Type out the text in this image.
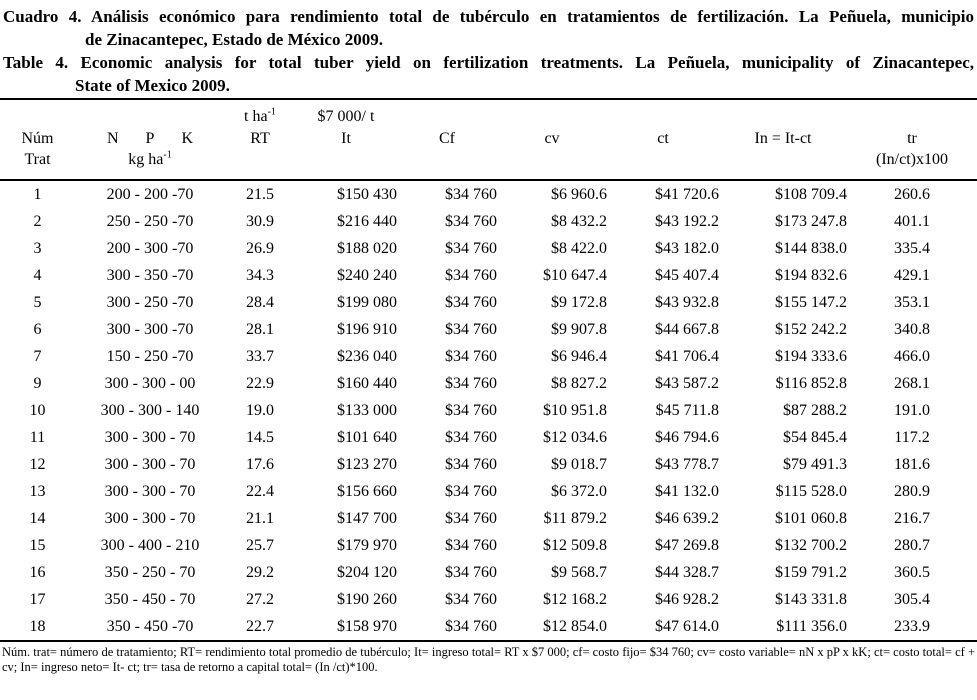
Cuadro 4. Análisis económico para rendimiento total de tubérculo en tratamientos de fertilización. La Peñuela, municipio
de Zinacantepec, Estado de México 2009.
Table 4. Economic analysis for total tuber yield on fertilization treatments. La Peñuela, municipality of Zinacantepec,
State of Mexico 2009.
		t $ha^{-1}$	$7 000/ t					
Núm	N P K	RT	It	Cf	cv	ct	In = It-ct	tr
Trat	kg $ha^{-1}$							(In/ct)x100
1	200 - 200 -70	21.5	$150 430	$34 760	$6 960.6	$41 720.6	$108 709.4	260.6
2	250 - 250 -70	30.9	$216 440	$34 760	$8 432.2	$43 192.2	$173 247.8	401.1
3	200 - 300 -70	26.9	$188 020	$34 760	$8 422.0	$43 182.0	$144 838.0	335.4
4	300 - 350 -70	34.3	$240 240	$34 760	$10 647.4	$45 407.4	$194 832.6	429.1
5	300 - 250 -70	28.4	$199 080	$34 760	$9 172.8	$43 932.8	$155 147.2	353.1
6	300 - 300 -70	28.1	$196 910	$34 760	$9 907.8	$44 667.8	$152 242.2	340.8
7	150 - 250 -70	33.7	$236 040	$34 760	$6 946.4	$41 706.4	$194 333.6	466.0
9	300 - 300 - 00	22.9	$160 440	$34 760	$8 827.2	$43 587.2	$116 852.8	268.1
10	300 - 300 - 140	19.0	$133 000	$34 760	$10 951.8	$45 711.8	$87 288.2	191.0
11	300 - 300 - 70	14.5	$101 640	$34 760	$12 034.6	$46 794.6	$54 845.4	117.2
12	300 - 300 - 70	17.6	$123 270	$34 760	$9 018.7	$43 778.7	$79 491.3	181.6
13	300 - 300 - 70	22.4	$156 660	$34 760	$6 372.0	$41 132.0	$115 528.0	280.9
14	300 - 300 - 70	21.1	$147 700	$34 760	$11 879.2	$46 639.2	$101 060.8	216.7
15	300 - 400 - 210	25.7	$179 970	$34 760	$12 509.8	$47 269.8	$132 700.2	280.7
16	350 - 250 - 70	29.2	$204 120	$34 760	$9 568.7	$44 328.7	$159 791.2	360.5
17	350 - 450 - 70	27.2	$190 260	$34 760	$12 168.2	$46 928.2	$143 331.8	305.4
18	350 - 450 -70	22.7	$158 970	$34 760	$12 854.0	$47 614.0	$111 356.0	233.9
Núm. trat= número de tratamiento; RT= rendimiento total promedio de tubérculo; It= ingreso total= RT x $7 000; cf= costo fijo= $34 760; cv= costo variable= nN x pP x kK; ct= costo total= cf + cv; In= ingreso neto= It- ct; tr= tasa de retorno a capital total= (In /ct)*100.
